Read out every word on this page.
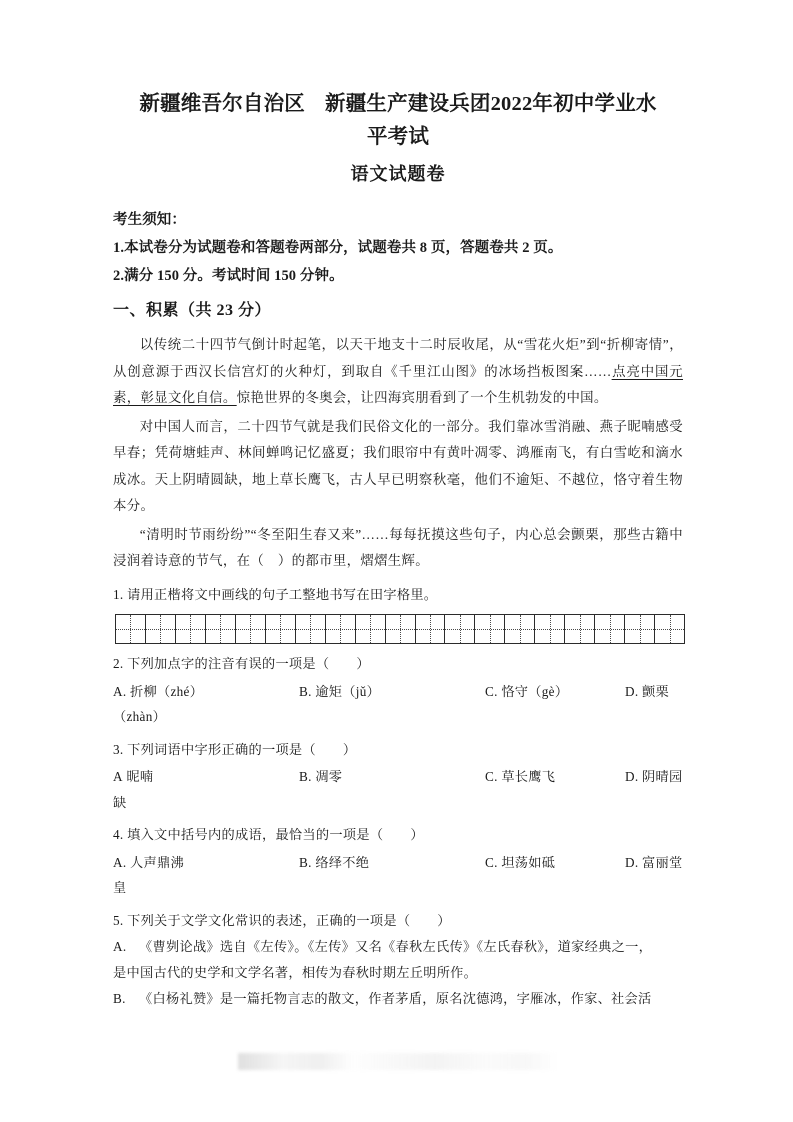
新疆维吾尔自治区 新疆生产建设兵团2022年初中学业水
平考试
语文试题卷

考生须知：

1.本试卷分为试题卷和答题卷两部分，试题卷共 8 页，答题卷共 2 页。

2.满分 150 分。考试时间 150 分钟。

一、积累（共 23 分）

以传统二十四节气倒计时起笔，以天干地支十二时辰收尾，从“雪花火炬”到“折柳寄情”，从创意源于西汉长信宫灯的火种灯，到取自《千里江山图》的冰场挡板图案……点亮中国元素，彰显文化自信。惊艳世界的冬奥会，让四海宾朋看到了一个生机勃发的中国。

对中国人而言，二十四节气就是我们民俗文化的一部分。我们靠冰雪消融、燕子昵喃感受早春；凭荷塘蛙声、林间蝉鸣记忆盛夏；我们眼帘中有黄叶凋零、鸿雁南飞，有白雪屹和滴水成冰。天上阴晴圆缺，地上草长鹰飞，古人早已明察秋毫，他们不逾矩、不越位，恪守着生物本分。

“清明时节雨纷纷”“冬至阳生春又来”……每每抚摸这些句子，内心总会颤栗，那些古籍中浸润着诗意的节气，在（　）的都市里，熠熠生辉。

1. 请用正楷将文中画线的句子工整地书写在田字格里。

2. 下列加点字的注音有误的一项是（　　）

A. 折柳（zhé）	B. 逾矩（jǔ）	C. 恪守（gè）	D. 颤栗
（zhàn）

3. 下列词语中字形正确的一项是（　　）

A 昵喃	B. 凋零	C. 草长鹰飞	D. 阴晴园
缺

4. 填入文中括号内的成语，最恰当的一项是（　　）

A. 人声鼎沸	B. 络绎不绝	C. 坦荡如砥	D. 富丽堂
皇

5. 下列关于文学文化常识的表述，正确的一项是（　　）

A. 《曹刿论战》选自《左传》。《左传》又名《春秋左氏传》《左氏春秋》，道家经典之一，
是中国古代的史学和文学名著，相传为春秋时期左丘明所作。
B. 《白杨礼赞》是一篇托物言志的散文，作者茅盾，原名沈德鸿，字雁冰，作家、社会活
